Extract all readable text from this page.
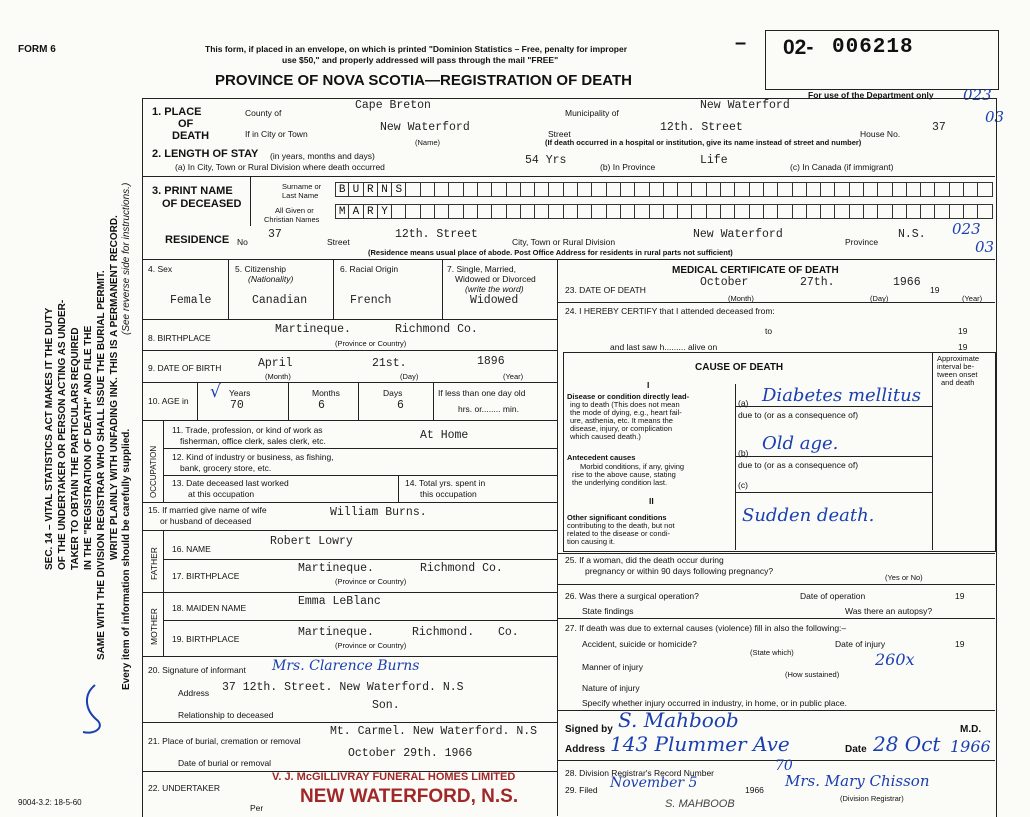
FORM 6	This form, if placed in an envelope, on which is printed "Dominion Statistics – Free, penalty for improper
use $50," and properly addressed will pass through the mail "FREE"
PROVINCE OF NOVA SCOTIA—REGISTRATION OF DEATH
– 02- 006218
For use of the Department only 023
03
SEC. 14 – VITAL STATISTICS ACT MAKES IT THE DUTY OF THE UNDERTAKER OR PERSON ACTING AS UNDER- TAKER TO OBTAIN THE PARTICULARS REQUIRED IN THE "REGISTRATION OF DEATH" AND FILE THE SAME WITH THE DIVISION REGISTRAR WHO SHALL ISSUE THE BURIAL PERMIT. WRITE PLAINLY WITH UNFADING INK. THIS IS A PERMANENT RECORD. Every item of information should be carefully supplied.
(See reverse side for instructions.)
1. PLACE
OF
DEATH
County of
Cape Breton
Municipality of
New Waterford
If in City or Town	New Waterford
(Name)
Street	12th. Street	House No.	37
(If death occurred in a hospital or institution, give its name instead of street and number)
2. LENGTH OF STAY (in years, months and days)
(a) In City, Town or Rural Division where death occurred	54 Yrs	(b) In Province	Life	(c) In Canada (if immigrant)
3. PRINT NAME
OF DECEASED
Surname or
Last Name
All Given or
Christian Names
B U R N S
M A R Y
RESIDENCE No
37
Street
12th. Street
City, Town or Rural Division
New Waterford
Province
N.S. 023
03
(Residence means usual place of abode. Post Office Address for residents in rural parts not sufficient)
4. Sex
Female
5. Citizenship
(Nationality)
Canadian
6. Racial Origin
French
7. Single, Married,
Widowed or Divorced
(write the word)
Widowed
8. BIRTHPLACE
Martineque.	Richmond Co.
(Province or Country)
9. DATE OF BIRTH	April	21st.	1896
(Month)	(Day)	(Year)
10. AGE in √ Years
70
Months
6
Days
6
If less than one day old
hrs. or........ min.
OCCUPATION
11. Trade, profession, or kind of work as
fisherman, office clerk, sales clerk, etc.	At Home
12. Kind of industry or business, as fishing,
bank, grocery store, etc.
13. Date deceased last worked
at this occupation
14. Total yrs. spent in
this occupation
15. If married give name of wife
or husband of deceased
William Burns.
FATHER 16. NAME
Robert Lowry
17. BIRTHPLACE
Martineque.	Richmond Co.
(Province or Country)
MOTHER
18. MAIDEN NAME	Emma LeBlanc
19. BIRTHPLACE	Martineque.	Richmond. Co.
(Province or Country)
20. Signature of informant Mrs. Clarence Burns
Address 37 12th. Street. New Waterford. N.S
Son.
Relationship to deceased
Mt. Carmel. New Waterford. N.S
21. Place of burial, cremation or removal
October 29th. 1966
Date of burial or removal
22. UNDERTAKER
V. J. McGILLIVRAY FUNERAL HOMES LIMITED
NEW WATERFORD, N.S.
Per
9004-3.2: 18-5-60
MEDICAL CERTIFICATE OF DEATH
23. DATE OF DEATH
October	27th.	1966
19
(Month)	(Day)	(Year)
24. I HEREBY CERTIFY that I attended deceased from:
to	19
and last saw h......... alive on	19
CAUSE OF DEATH
Approximate
interval be-
tween onset
and death
I
Disease or condition directly lead-
ing to death (This does not mean
the mode of dying, e.g., heart fail-
ure, asthenia, etc. It means the
disease, injury, or complication
which caused death.)
(a) Diabetes mellitus
due to (or as a consequence of)
(b) Old age.
due to (or as a consequence of)
Antecedent causes
Morbid conditions, if any, giving
rise to the above cause, stating
the underlying condition last.	(c)
II
Other significant conditions
contributing to the death, but not
related to the disease or condi-
tion causing it.
Sudden death.
25. If a woman, did the death occur during
pregnancy or within 90 days following pregnancy?
(Yes or No)
26. Was there a surgical operation?	Date of operation	19
State findings	Was there an autopsy?
27. If death was due to external causes (violence) fill in also the following:–
Accident, suicide or homicide?	Date of injury	19
(State which)
Manner of injury	260x
(How sustained)
Nature of injury
Specify whether injury occurred in industry, in home, or in public place.
Signed by S. Mahboob	M.D.
Address 143 Plummer Ave	Date 28 Oct 1966
28. Division Registrar's Record Number	70
29. Filed November 5	1966 Mrs. Mary Chisson
(Division Registrar)
S. MAHBOOB
